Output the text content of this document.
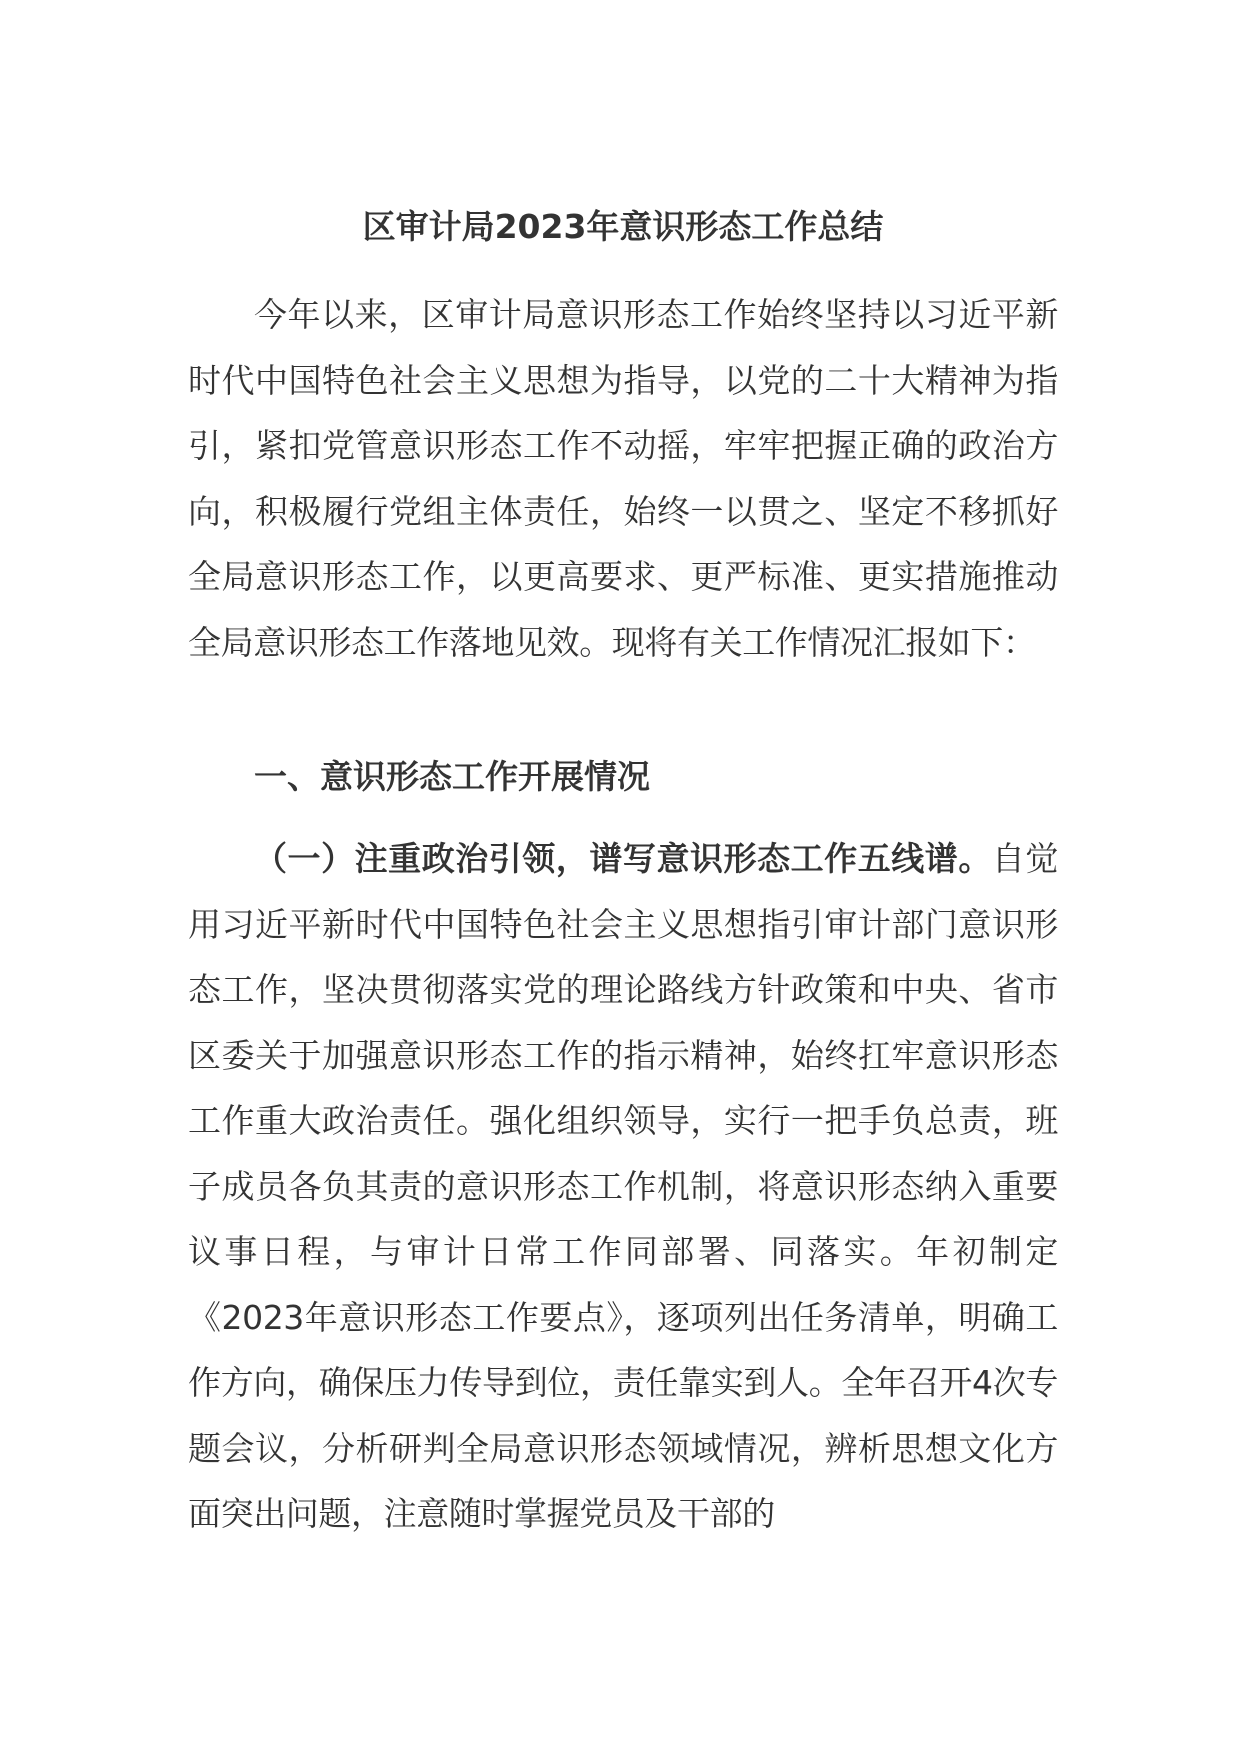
区审计局2023年意识形态工作总结

今年以来，区审计局意识形态工作始终坚持以习近平新时代中国特色社会主义思想为指导，以党的二十大精神为指引，紧扣党管意识形态工作不动摇，牢牢把握正确的政治方向，积极履行党组主体责任，始终一以贯之、坚定不移抓好全局意识形态工作，以更高要求、更严标准、更实措施推动全局意识形态工作落地见效。现将有关工作情况汇报如下：

一、意识形态工作开展情况

（一）注重政治引领，谱写意识形态工作五线谱。自觉用习近平新时代中国特色社会主义思想指引审计部门意识形态工作，坚决贯彻落实党的理论路线方针政策和中央、省市区委关于加强意识形态工作的指示精神，始终扛牢意识形态工作重大政治责任。强化组织领导，实行一把手负总责，班子成员各负其责的意识形态工作机制，将意识形态纳入重要议事日程，与审计日常工作同部署、同落实。年初制定《2023年意识形态工作要点》，逐项列出任务清单，明确工作方向，确保压力传导到位，责任靠实到人。全年召开4次专题会议，分析研判全局意识形态领域情况，辨析思想文化方面突出问题，注意随时掌握党员及干部的
